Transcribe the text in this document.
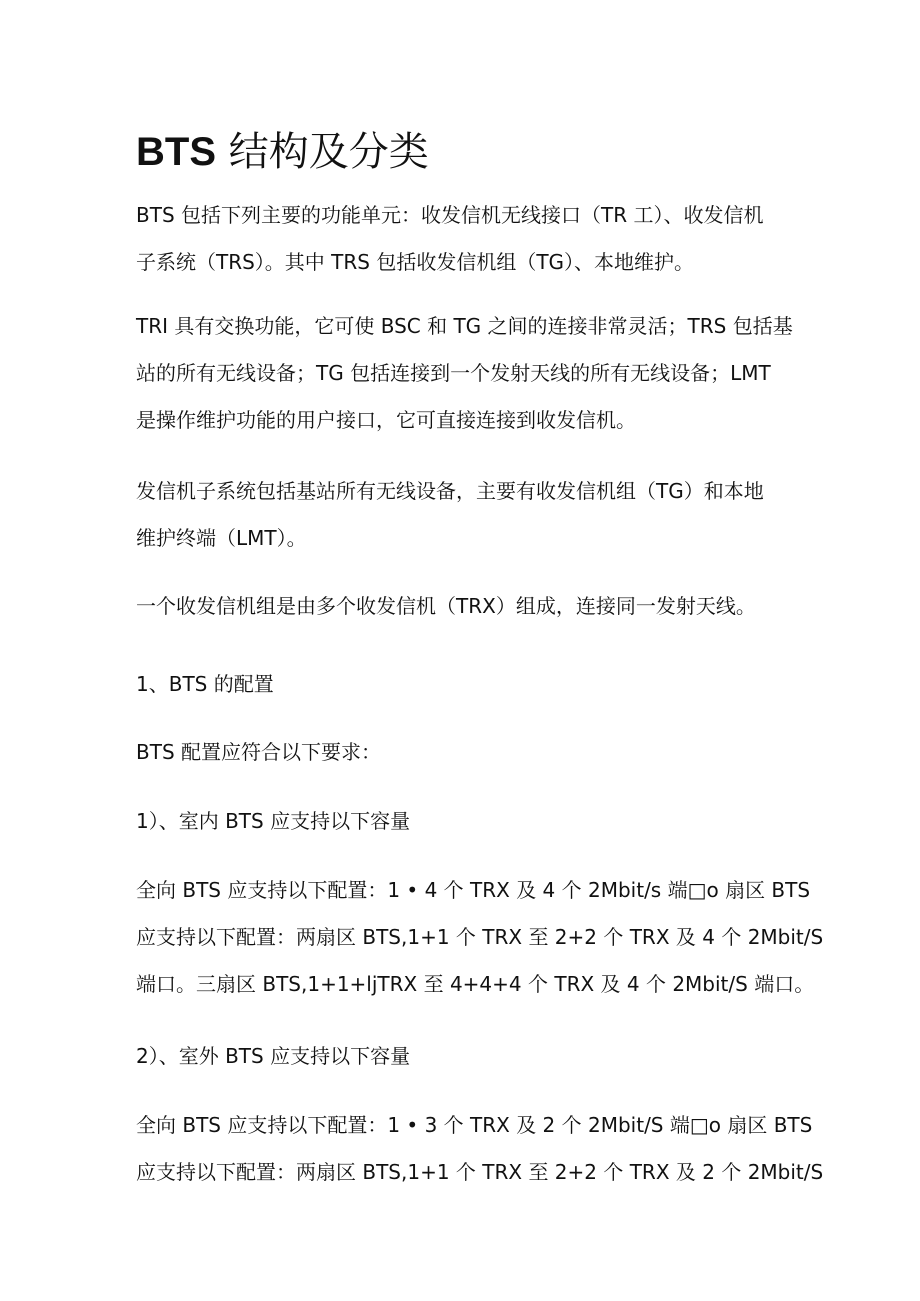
BTS 结构及分类

BTS 包括下列主要的功能单元：收发信机无线接口（TR 工）、收发信机
子系统（TRS）。其中 TRS 包括收发信机组（TG）、本地维护。

TRI 具有交换功能，它可使 BSC 和 TG 之间的连接非常灵活；TRS 包括基
站的所有无线设备；TG 包括连接到一个发射天线的所有无线设备；LMT
是操作维护功能的用户接口，它可直接连接到收发信机。

发信机子系统包括基站所有无线设备，主要有收发信机组（TG）和本地
维护终端（LMT）。

一个收发信机组是由多个收发信机（TRX）组成，连接同一发射天线。

1、BTS 的配置

BTS 配置应符合以下要求：

1）、室内 BTS 应支持以下容量

全向 BTS 应支持以下配置：1 • 4 个 TRX 及 4 个 2Mbit/s 端□o 扇区 BTS
应支持以下配置：两扇区 BTS,1+1 个 TRX 至 2+2 个 TRX 及 4 个 2Mbit/S
端口。三扇区 BTS,1+1+ljTRX 至 4+4+4 个 TRX 及 4 个 2Mbit/S 端口。

2）、室外 BTS 应支持以下容量

全向 BTS 应支持以下配置：1 • 3 个 TRX 及 2 个 2Mbit/S 端□o 扇区 BTS
应支持以下配置：两扇区 BTS,1+1 个 TRX 至 2+2 个 TRX 及 2 个 2Mbit/S
